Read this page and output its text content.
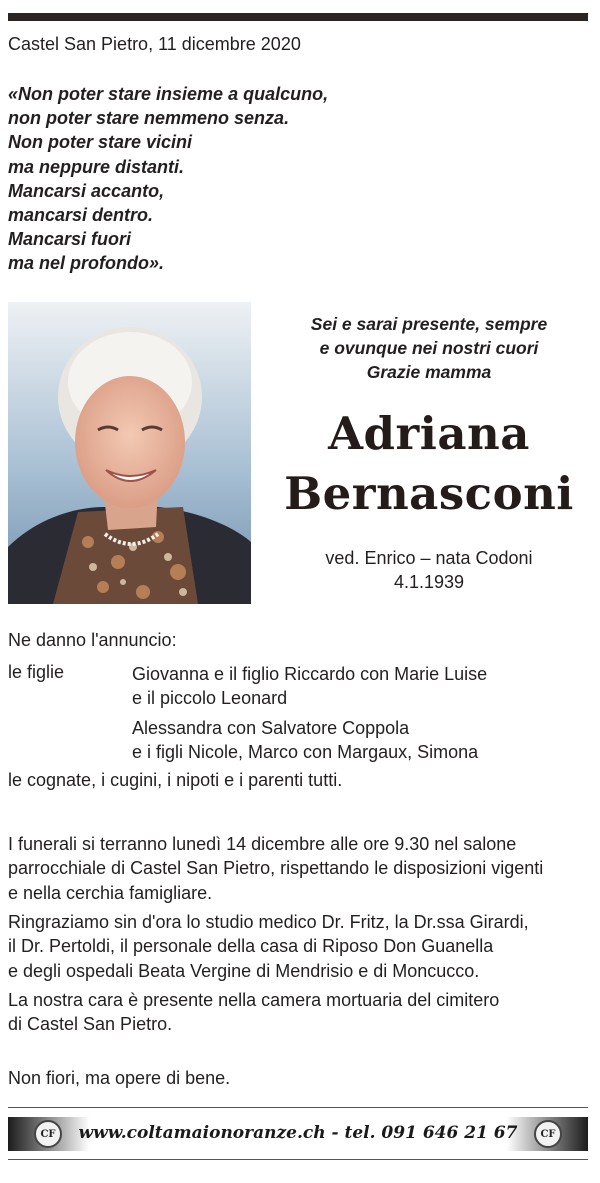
Castel San Pietro, 11 dicembre 2020
«Non poter stare insieme a qualcuno,
non poter stare nemmeno senza.
Non poter stare vicini
ma neppure distanti.
Mancarsi accanto,
mancarsi dentro.
Mancarsi fuori
ma nel profondo».
Sei e sarai presente, sempre
e ovunque nei nostri cuori
Grazie mamma
Adriana
Bernasconi
ved. Enrico – nata Codoni
4.1.1939
Ne danno l'annuncio:
le figlie	Giovanna e il figlio Riccardo con Marie Luise
e il piccolo Leonard
Alessandra con Salvatore Coppola
e i figli Nicole, Marco con Margaux, Simona
le cognate, i cugini, i nipoti e i parenti tutti.
I funerali si terranno lunedì 14 dicembre alle ore 9.30 nel salone
parrocchiale di Castel San Pietro, rispettando le disposizioni vigenti
e nella cerchia famigliare.
Ringraziamo sin d'ora lo studio medico Dr. Fritz, la Dr.ssa Girardi,
il Dr. Pertoldi, il personale della casa di Riposo Don Guanella
e degli ospedali Beata Vergine di Mendrisio e di Moncucco.
La nostra cara è presente nella camera mortuaria del cimitero
di Castel San Pietro.
Non fiori, ma opere di bene.
CF	www.coltamaionoranze.ch - tel. 091 646 21 67	CF
